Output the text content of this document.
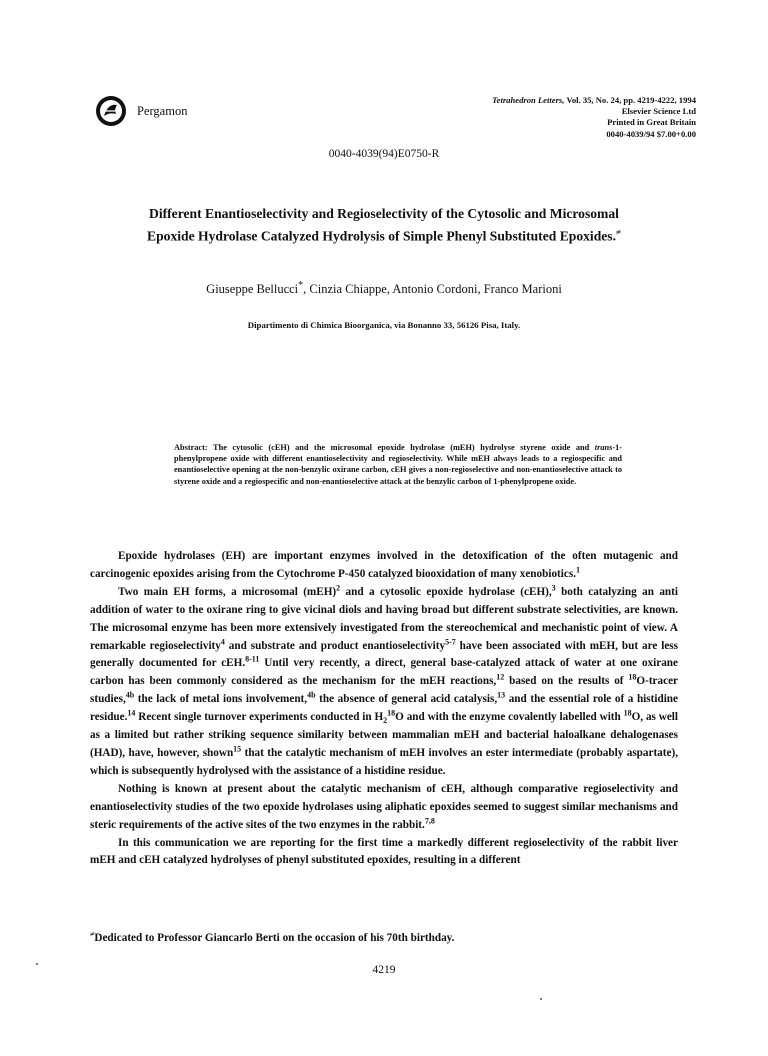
Pergamon
Tetrahedron Letters, Vol. 35, No. 24, pp. 4219-4222, 1994
Elsevier Science Ltd
Printed in Great Britain
0040-4039/94 $7.00+0.00
0040-4039(94)E0750-R
Different Enantioselectivity and Regioselectivity of the Cytosolic and Microsomal
Epoxide Hydrolase Catalyzed Hydrolysis of Simple Phenyl Substituted Epoxides.≠
Giuseppe Bellucci*, Cinzia Chiappe, Antonio Cordoni, Franco Marioni
Dipartimento di Chimica Bioorganica, via Bonanno 33, 56126 Pisa, Italy.
Abstract: The cytosolic (cEH) and the microsomal epoxide hydrolase (mEH) hydrolyse styrene oxide and trans-1-phenylpropene oxide with different enantioselectivity and regioselectivity. While mEH always leads to a regiospecific and enantioselective opening at the non-benzylic oxirane carbon, cEH gives a non-regioselective and non-enantioselective attack to styrene oxide and a regiospecific and non-enantioselective attack at the benzylic carbon of 1-phenylpropene oxide.

Epoxide hydrolases (EH) are important enzymes involved in the detoxification of the often mutagenic and carcinogenic epoxides arising from the Cytochrome P-450 catalyzed biooxidation of many xenobiotics.$^1$

Two main EH forms, a microsomal (mEH)$^2$ and a cytosolic epoxide hydrolase (cEH),$^3$ both catalyzing an anti addition of water to the oxirane ring to give vicinal diols and having broad but different substrate selectivities, are known. The microsomal enzyme has been more extensively investigated from the stereochemical and mechanistic point of view. A remarkable regioselectivity$^4$ and substrate and product enantioselectivity$^{5-7}$ have been associated with mEH, but are less generally documented for cEH.$^{8-11}$ Until very recently, a direct, general base-catalyzed attack of water at one oxirane carbon has been commonly considered as the mechanism for the mEH reactions,$^{12}$ based on the results of $^{18}$O-tracer studies,$^{4b}$ the lack of metal ions involvement,$^{4b}$ the absence of general acid catalysis,$^{13}$ and the essential role of a histidine residue.$^{14}$ Recent single turnover experiments conducted in $H_2^{18}O$ and with the enzyme covalently labelled with $^{18}$O, as well as a limited but rather striking sequence similarity between mammalian mEH and bacterial haloalkane dehalogenases (HAD), have, however, shown$^{15}$ that the catalytic mechanism of mEH involves an ester intermediate (probably aspartate), which is subsequently hydrolysed with the assistance of a histidine residue.

Nothing is known at present about the catalytic mechanism of cEH, although comparative regioselectivity and enantioselectivity studies of the two epoxide hydrolases using aliphatic epoxides seemed to suggest similar mechanisms and steric requirements of the active sites of the two enzymes in the rabbit.$^{7,8}$

In this communication we are reporting for the first time a markedly different regioselectivity of the rabbit liver mEH and cEH catalyzed hydrolyses of phenyl substituted epoxides, resulting in a different

≠Dedicated to Professor Giancarlo Berti on the occasion of his 70th birthday.
4219
